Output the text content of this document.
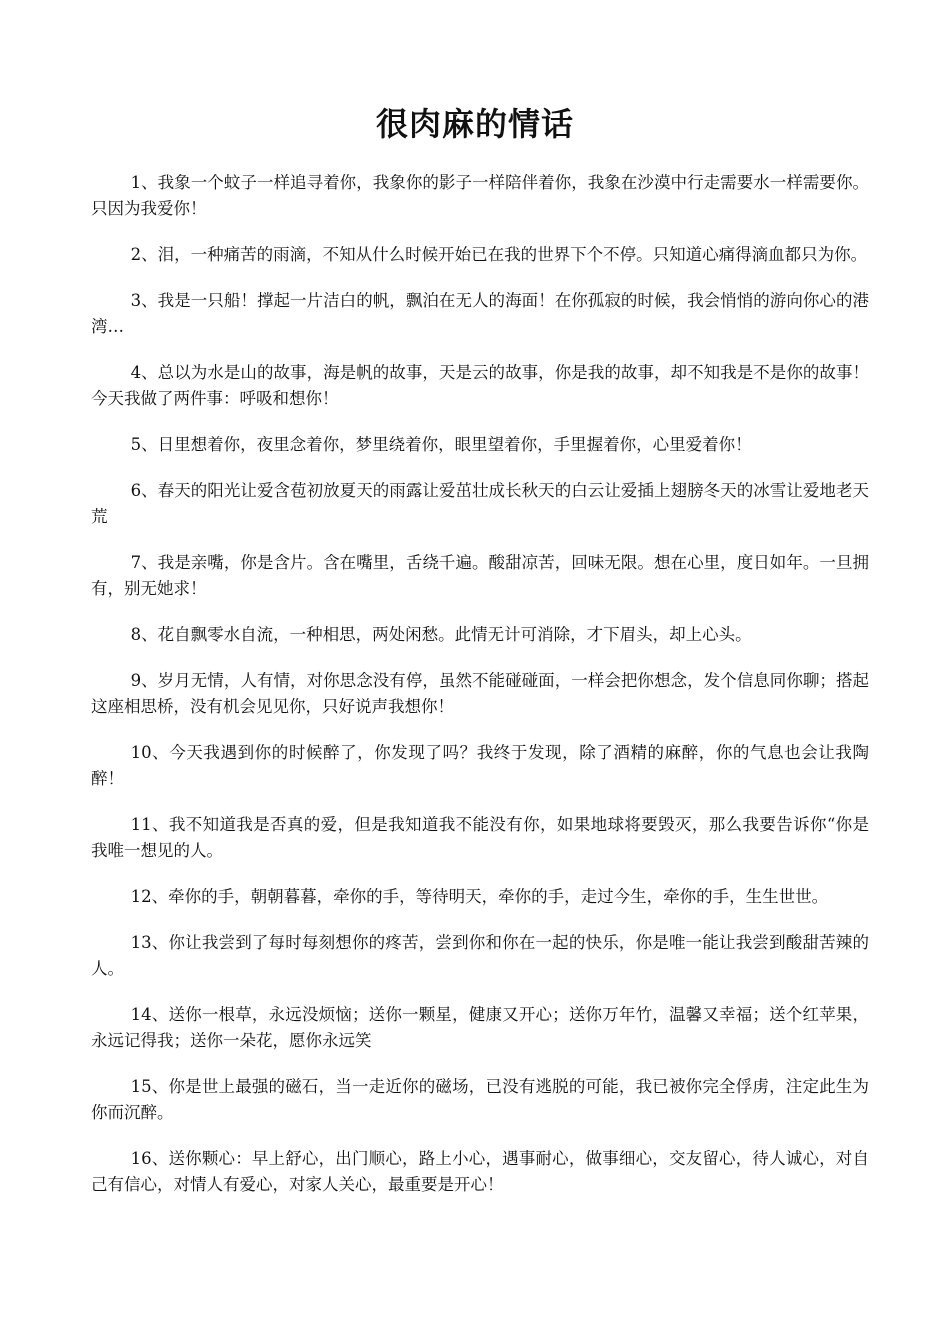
很肉麻的情话

1、我象一个蚊子一样追寻着你，我象你的影子一样陪伴着你，我象在沙漠中行走需要水一样需要你。只因为我爱你！

2、泪，一种痛苦的雨滴，不知从什么时候开始已在我的世界下个不停。只知道心痛得滴血都只为你。

3、我是一只船！撑起一片洁白的帆，飘泊在无人的海面！在你孤寂的时候，我会悄悄的游向你心的港湾…

4、总以为水是山的故事，海是帆的故事，天是云的故事，你是我的故事，却不知我是不是你的故事！今天我做了两件事：呼吸和想你！

5、日里想着你，夜里念着你，梦里绕着你，眼里望着你，手里握着你，心里爱着你！

6、春天的阳光让爱含苞初放夏天的雨露让爱茁壮成长秋天的白云让爱插上翅膀冬天的冰雪让爱地老天荒

7、我是亲嘴，你是含片。含在嘴里，舌绕千遍。酸甜凉苦，回味无限。想在心里，度日如年。一旦拥有，别无她求！

8、花自飘零水自流，一种相思，两处闲愁。此情无计可消除，才下眉头，却上心头。

9、岁月无情，人有情，对你思念没有停，虽然不能碰碰面，一样会把你想念，发个信息同你聊；搭起这座相思桥，没有机会见见你，只好说声我想你！

10、今天我遇到你的时候醉了，你发现了吗？我终于发现，除了酒精的麻醉，你的气息也会让我陶醉！

11、我不知道我是否真的爱，但是我知道我不能没有你，如果地球将要毁灭，那么我要告诉你“你是我唯一想见的人。

12、牵你的手，朝朝暮暮，牵你的手，等待明天，牵你的手，走过今生，牵你的手，生生世世。

13、你让我尝到了每时每刻想你的疼苦，尝到你和你在一起的快乐，你是唯一能让我尝到酸甜苦辣的人。

14、送你一根草，永远没烦恼；送你一颗星，健康又开心；送你万年竹，温馨又幸福；送个红苹果，永远记得我；送你一朵花，愿你永远笑

15、你是世上最强的磁石，当一走近你的磁场，已没有逃脱的可能，我已被你完全俘虏，注定此生为你而沉醉。

16、送你颗心：早上舒心，出门顺心，路上小心，遇事耐心，做事细心，交友留心，待人诚心，对自己有信心，对情人有爱心，对家人关心，最重要是开心！
